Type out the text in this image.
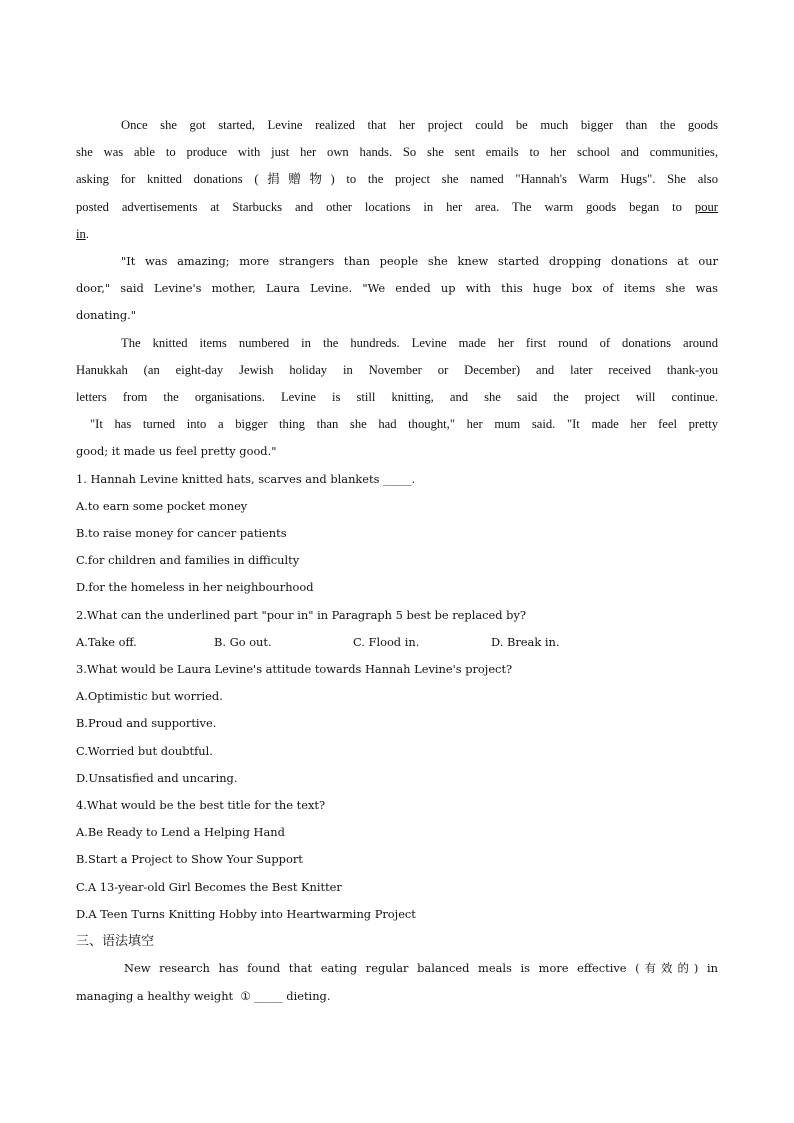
Once she got started, Levine realized that her project could be much bigger than the goods
she was able to produce with just her own hands. So she sent emails to her school and communities,
asking for knitted donations (捐赠物) to the project she named "Hannah's Warm Hugs". She also
posted advertisements at Starbucks and other locations in her area. The warm goods began to pour
in.
"It was amazing; more strangers than people she knew started dropping donations at our
door," said Levine's mother, Laura Levine. "We ended up with this huge box of items she was
donating."
The knitted items numbered in the hundreds. Levine made her first round of donations around
Hanukkah (an eight-day Jewish holiday in November or December) and later received thank-you
letters from the organisations. Levine is still knitting, and she said the project will continue.
"It has turned into a bigger thing than she had thought," her mum said. "It made her feel pretty
good; it made us feel pretty good."
1. Hannah Levine knitted hats, scarves and blankets _____.
A.to earn some pocket money
B.to raise money for cancer patients
C.for children and families in difficulty
D.for the homeless in her neighbourhood
2.What can the underlined part "pour in" in Paragraph 5 best be replaced by?
A.Take off.	B. Go out.	C. Flood in.	D. Break in.
3.What would be Laura Levine's attitude towards Hannah Levine's project?
A.Optimistic but worried.
B.Proud and supportive.
C.Worried but doubtful.
D.Unsatisfied and uncaring.
4.What would be the best title for the text?
A.Be Ready to Lend a Helping Hand
B.Start a Project to Show Your Support
C.A 13-year-old Girl Becomes the Best Knitter
D.A Teen Turns Knitting Hobby into Heartwarming Project
三、语法填空
New research has found that eating regular balanced meals is more effective (有效的) in
managing a healthy weight  ① _____ dieting.
